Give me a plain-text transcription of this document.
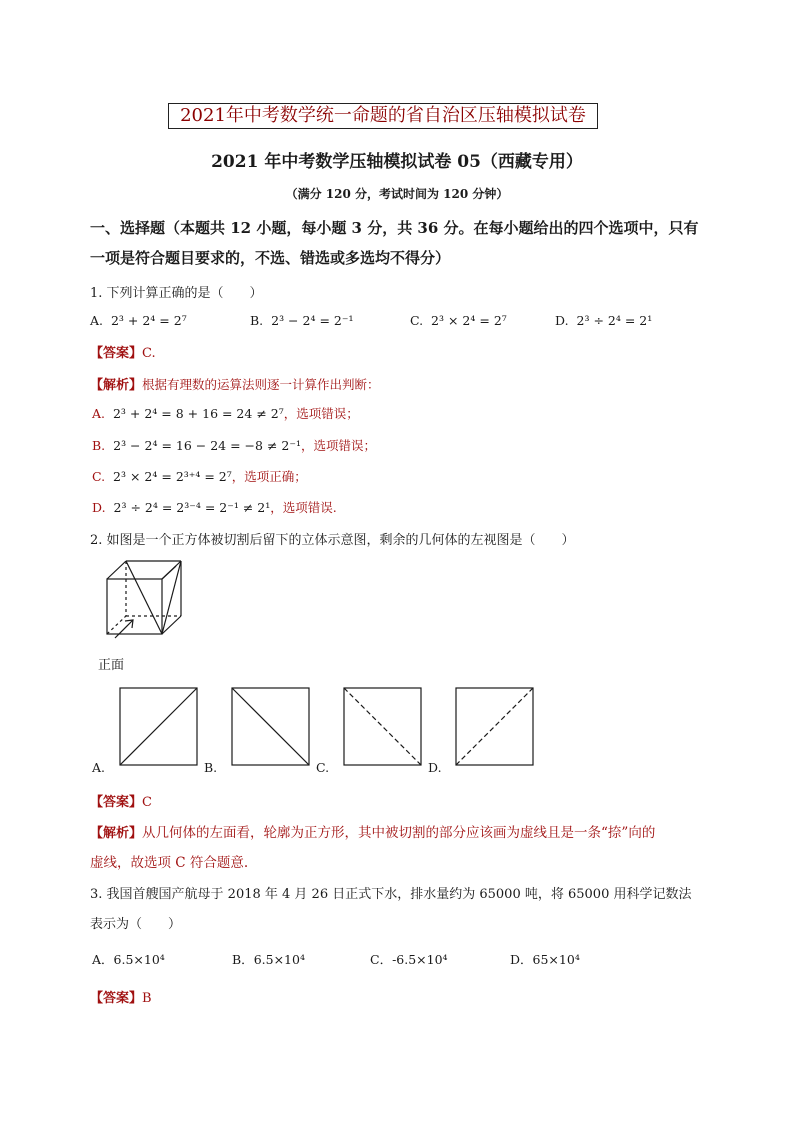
2021年中考数学统一命题的省自治区压轴模拟试卷
2021 年中考数学压轴模拟试卷 05（西藏专用）
（满分 120 分，考试时间为 120 分钟）
一、选择题（本题共 12 小题，每小题 3 分，共 36 分。在每小题给出的四个选项中，只有一项是符合题目要求的，不选、错选或多选均不得分）
1. 下列计算正确的是（　　）
A. 2³ + 2⁴ = 2⁷	B. 2³ − 2⁴ = 2⁻¹	C. 2³ × 2⁴ = 2⁷	D. 2³ ÷ 2⁴ = 2¹
【答案】C.
【解析】根据有理数的运算法则逐一计算作出判断：
A. 2³ + 2⁴ = 8 + 16 = 24 ≠ 2⁷，选项错误；
B. 2³ − 2⁴ = 16 − 24 = −8 ≠ 2⁻¹，选项错误；
C. 2³ × 2⁴ = 2³⁺⁴ = 2⁷，选项正确；
D. 2³ ÷ 2⁴ = 2³⁻⁴ = 2⁻¹ ≠ 2¹，选项错误.
2. 如图是一个正方体被切割后留下的立体示意图，剩余的几何体的左视图是（　　）
正面
A.	B.	C.	D.
【答案】C
【解析】从几何体的左面看，轮廓为正方形，其中被切割的部分应该画为虚线且是一条“捺”向的
虚线，故选项 C 符合题意.
3. 我国首艘国产航母于 2018 年 4 月 26 日正式下水，排水量约为 65000 吨，将 65000 用科学记数法
表示为（　　）
A．6.5×10⁴	B．6.5×10⁴	C．-6.5×10⁴	D．65×10⁴
【答案】B
